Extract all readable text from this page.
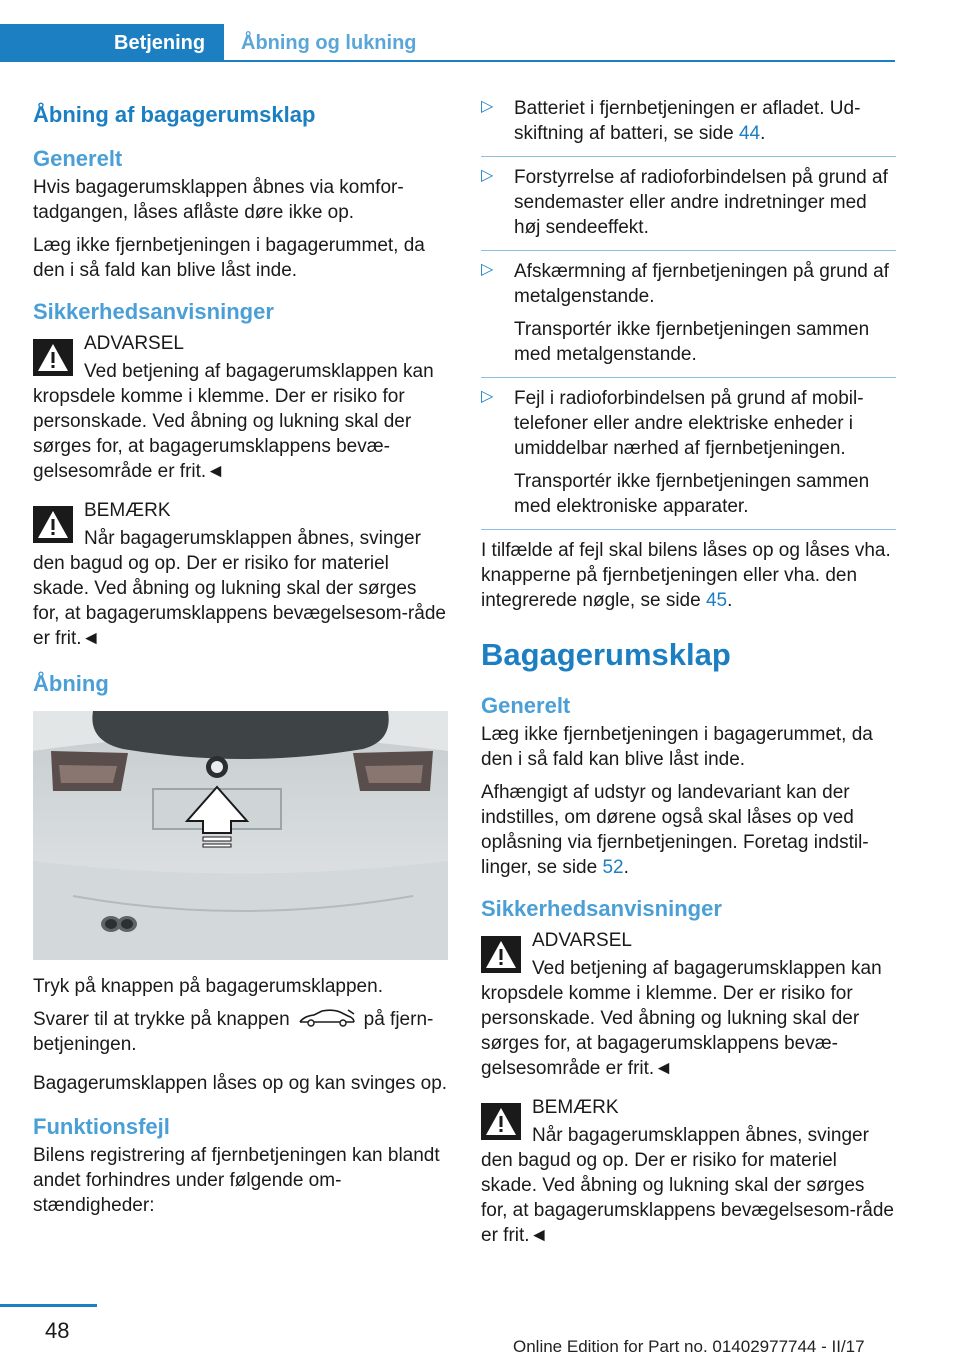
Betjening	Åbning og lukning
Åbning af bagagerumsklap
Generelt

Hvis bagagerumsklappen åbnes via komfor-tadgangen, låses aflåste døre ikke op.

Læg ikke fjernbetjeningen i bagagerummet, da den i så fald kan blive låst inde.

Sikkerhedsanvisninger

ADVARSEL

Ved betjening af bagagerumsklappen kan kropsdele komme i klemme. Der er risiko for personskade. Ved åbning og lukning skal der sørges for, at bagagerumsklappens bevæ-gelsesområde er frit.◄

BEMÆRK

Når bagagerumsklappen åbnes, svinger den bagud og op. Der er risiko for materiel skade. Ved åbning og lukning skal der sørges for, at bagagerumsklappens bevægelsesom-råde er frit.◄

Åbning

Tryk på knappen på bagagerumsklappen.

Svarer til at trykke på knappen	på fjern-betjeningen.

Bagagerumsklappen låses op og kan svinges op.

Funktionsfejl

Bilens registrering af fjernbetjeningen kan blandt andet forhindres under følgende om-stændigheder:

▷ Batteriet i fjernbetjeningen er afladet. Ud-skiftning af batteri, se side 44.

▷ Forstyrrelse af radioforbindelsen på grund af sendemaster eller andre indretninger med høj sendeeffekt.

▷ Afskærmning af fjernbetjeningen på grund af metalgenstande.

Transportér ikke fjernbetjeningen sammen med metalgenstande.

▷ Fejl i radioforbindelsen på grund af mobil-telefoner eller andre elektriske enheder i umiddelbar nærhed af fjernbetjeningen.

Transportér ikke fjernbetjeningen sammen med elektroniske apparater.

I tilfælde af fejl skal bilens låses op og låses vha. knapperne på fjernbetjeningen eller vha. den integrerede nøgle, se side 45.

Bagagerumsklap
Generelt

Læg ikke fjernbetjeningen i bagagerummet, da den i så fald kan blive låst inde.

Afhængigt af udstyr og landevariant kan der indstilles, om dørene også skal låses op ved oplåsning via fjernbetjeningen. Foretag indstil-linger, se side 52.

Sikkerhedsanvisninger

ADVARSEL

Ved betjening af bagagerumsklappen kan kropsdele komme i klemme. Der er risiko for personskade. Ved åbning og lukning skal der sørges for, at bagagerumsklappens bevæ-gelsesområde er frit.◄

BEMÆRK

Når bagagerumsklappen åbnes, svinger den bagud og op. Der er risiko for materiel skade. Ved åbning og lukning skal der sørges for, at bagagerumsklappens bevægelsesom-råde er frit.◄

48
Online Edition for Part no. 01402977744 - II/17
